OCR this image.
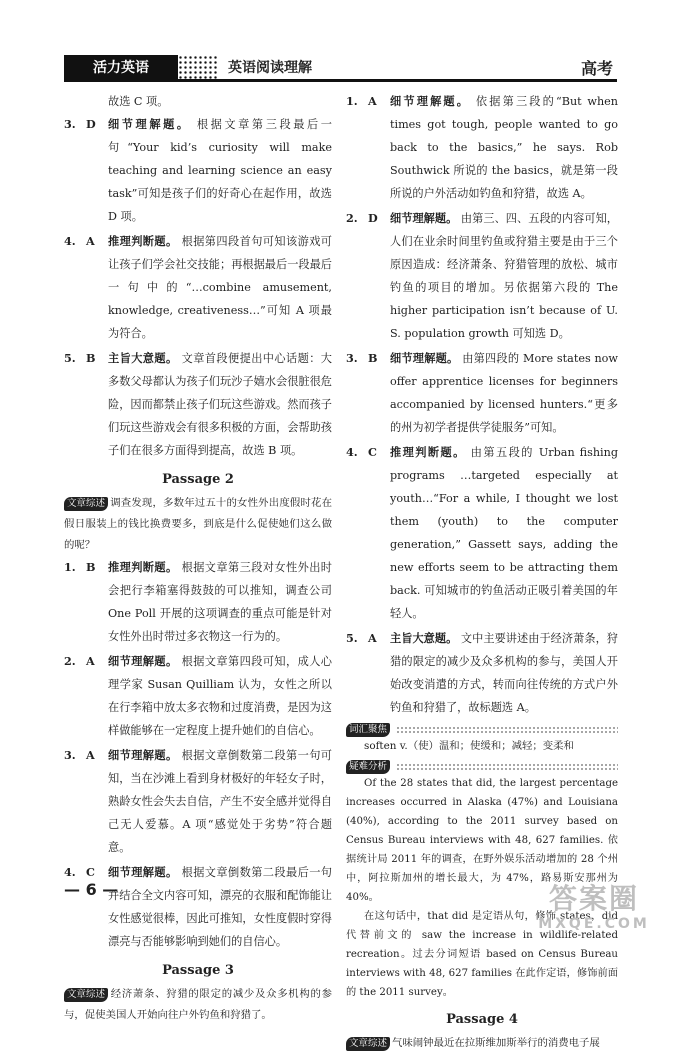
活力英语	英语阅读理解	高考
故选 C 项。
3. D	细节理解题。 根据文章第三段最后一句“Your kid’s curiosity will make teaching and learning science an easy task”可知是孩子们的好奇心在起作用，故选 D 项。
4. A	推理判断题。 根据第四段首句可知该游戏可让孩子们学会社交技能；再根据最后一段最后一句中的“…combine amusement, knowledge, creativeness…”可知 A 项最为符合。
5. B	主旨大意题。 文章首段便提出中心话题：大多数父母都认为孩子们玩沙子嬉水会很脏很危险，因而都禁止孩子们玩这些游戏。然而孩子们玩这些游戏会有很多积极的方面，会帮助孩子们在很多方面得到提高，故选 B 项。
Passage 2
文章综述 调查发现，多数年过五十的女性外出度假时花在假日服装上的钱比换费要多，到底是什么促使她们这么做的呢？
1. B	推理判断题。 根据文章第三段对女性外出时会把行李箱塞得鼓鼓的可以推知，调查公司 One Poll 开展的这项调查的重点可能是针对女性外出时带过多衣物这一行为的。
2. A	细节理解题。 根据文章第四段可知，成人心理学家 Susan Quilliam 认为，女性之所以在行李箱中放太多衣物和过度消费，是因为这样做能够在一定程度上提升她们的自信心。
3. A	细节理解题。 根据文章倒数第二段第一句可知，当在沙滩上看到身材极好的年轻女子时，熟龄女性会失去自信，产生不安全感并觉得自己无人爱慕。A 项“感觉处于劣势”符合题意。
4. C	细节理解题。 根据文章倒数第二段最后一句并结合全文内容可知，漂亮的衣服和配饰能让女性感觉很棒，因此可推知，女性度假时穿得漂亮与否能够影响到她们的自信心。
Passage 3
文章综述 经济萧条、狩猎的限定的减少及众多机构的参与，促使美国人开始向往户外钓鱼和狩猎了。
1. A	细节理解题。 依据第三段的“But when times got tough, people wanted to go back to the basics,” he says. Rob Southwick 所说的 the basics，就是第一段所说的户外活动如钓鱼和狩猎，故选 A。
2. D	细节理解题。 由第三、四、五段的内容可知，人们在业余时间里钓鱼或狩猎主要是由于三个原因造成：经济萧条、狩猎管理的放松、城市钓鱼的项目的增加。另依据第六段的 The higher participation isn’t because of U. S. population growth 可知选 D。
3. B	细节理解题。 由第四段的 More states now offer apprentice licenses for beginners accompanied by licensed hunters.“更多的州为初学者提供学徒服务”可知。
4. C	推理判断题。 由第五段的 Urban fishing programs …targeted especially at youth…“For a while, I thought we lost them (youth) to the computer generation,” Gassett says, adding the new efforts seem to be attracting them back. 可知城市的钓鱼活动正吸引着美国的年轻人。
5. A	主旨大意题。 文中主要讲述由于经济萧条，狩猎的限定的减少及众多机构的参与，美国人开始改变消遣的方式，转而向往传统的方式户外钓鱼和狩猎了，故标题选 A。
词汇聚焦
soften v.（使）温和；使缓和；减轻；变柔和
疑难分析
Of the 28 states that did, the largest percentage increases occurred in Alaska (47%) and Louisiana (40%), according to the 2011 survey based on Census Bureau interviews with 48, 627 families. 依据统计局 2011 年的调查，在野外娱乐活动增加的 28 个州中，阿拉斯加州的增长最大，为 47%，路易斯安那州为 40%。
在这句话中，that did 是定语从句，修饰 states，did 代替前文的 saw the increase in wildlife-related recreation。过去分词短语 based on Census Bureau interviews with 48, 627 families 在此作定语，修饰前面的 the 2011 survey。
Passage 4
文章综述 气味闹钟最近在拉斯维加斯举行的消费电子展
— 6 —	答案圈
MXQE.COM
